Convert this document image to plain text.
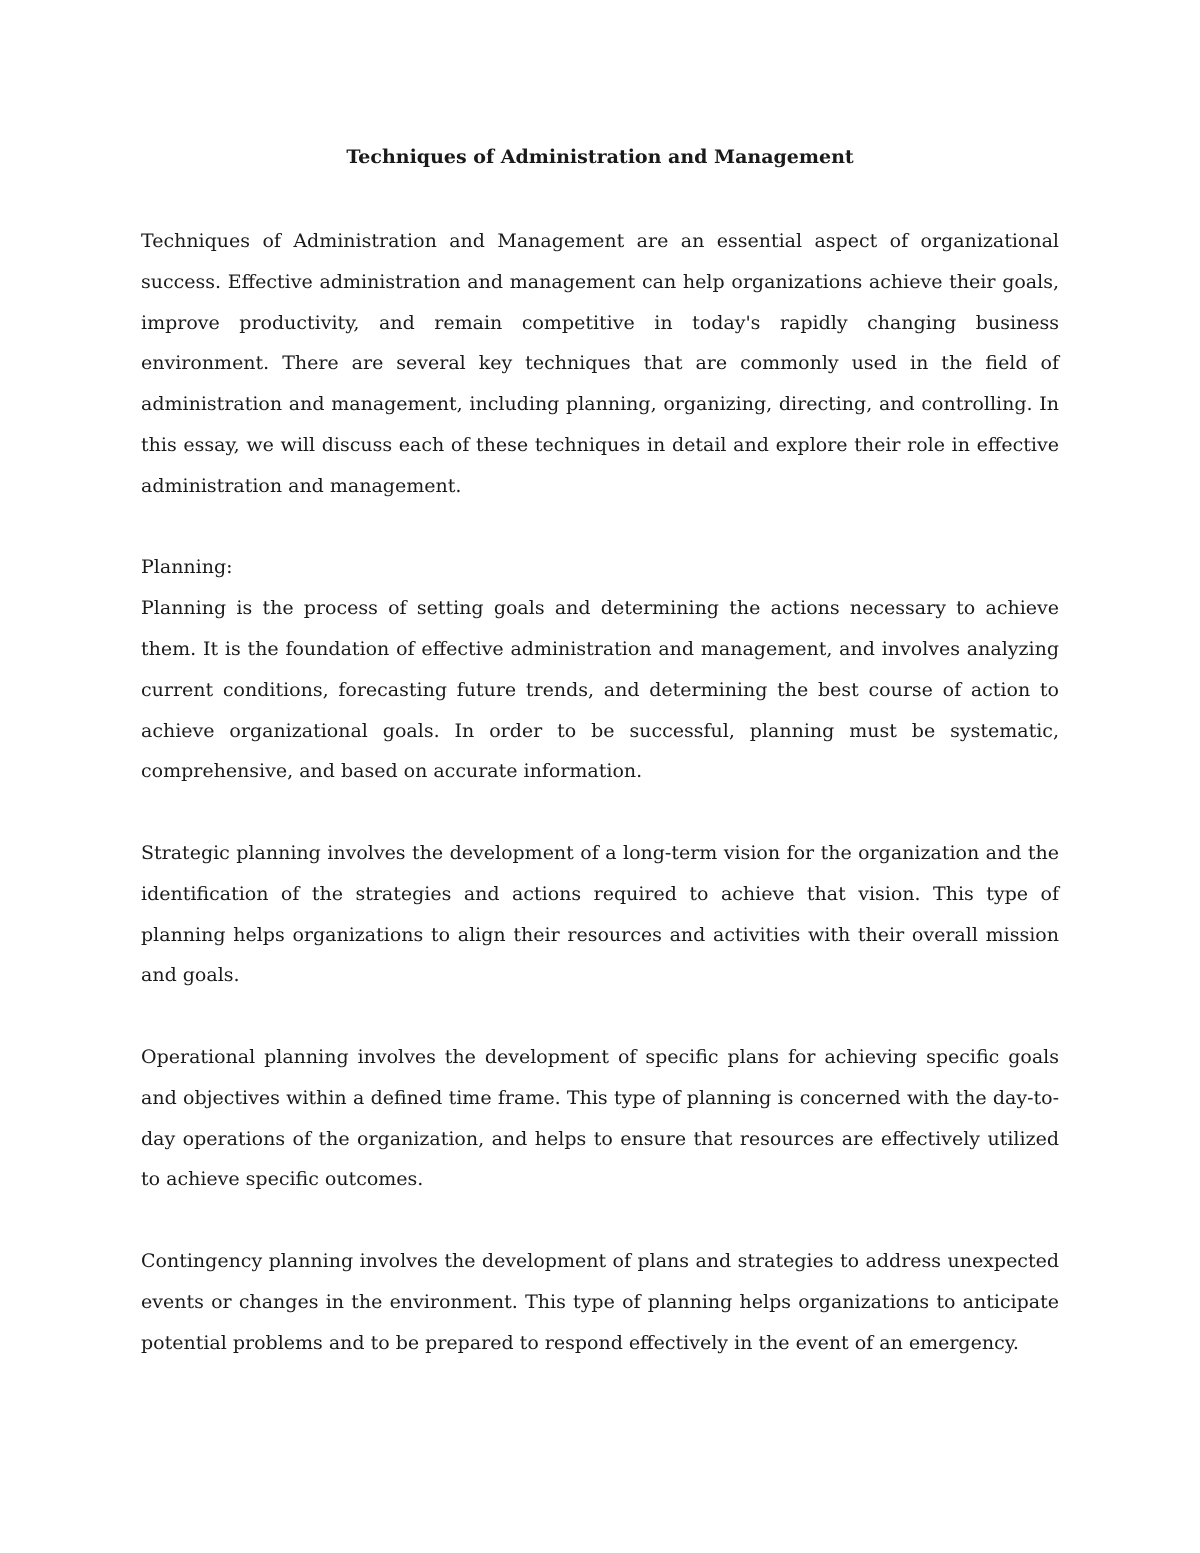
Techniques of Administration and Management

Techniques of Administration and Management are an essential aspect of organizational success. Effective administration and management can help organizations achieve their goals, improve productivity, and remain competitive in today's rapidly changing business environment. There are several key techniques that are commonly used in the field of administration and management, including planning, organizing, directing, and controlling. In this essay, we will discuss each of these techniques in detail and explore their role in effective administration and management.

Planning:

Planning is the process of setting goals and determining the actions necessary to achieve them. It is the foundation of effective administration and management, and involves analyzing current conditions, forecasting future trends, and determining the best course of action to achieve organizational goals. In order to be successful, planning must be systematic, comprehensive, and based on accurate information.

Strategic planning involves the development of a long-term vision for the organization and the identification of the strategies and actions required to achieve that vision. This type of planning helps organizations to align their resources and activities with their overall mission and goals.

Operational planning involves the development of specific plans for achieving specific goals and objectives within a defined time frame. This type of planning is concerned with the day-to-day operations of the organization, and helps to ensure that resources are effectively utilized to achieve specific outcomes.

Contingency planning involves the development of plans and strategies to address unexpected events or changes in the environment. This type of planning helps organizations to anticipate potential problems and to be prepared to respond effectively in the event of an emergency.
